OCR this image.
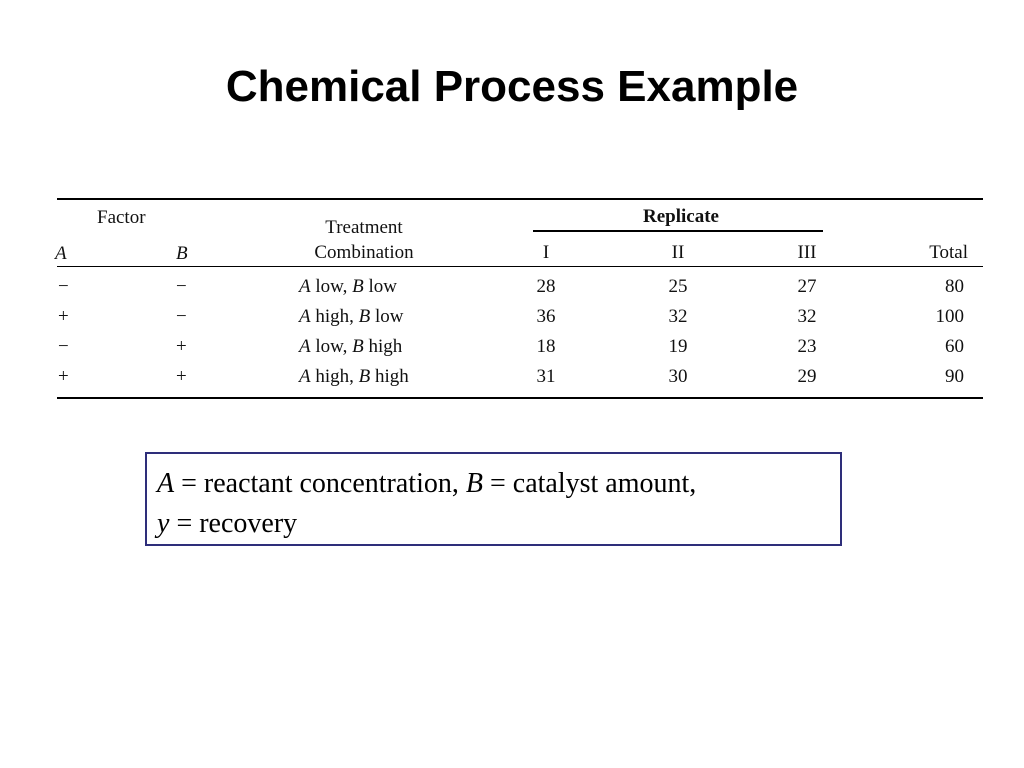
Chemical Process Example
Factor
A	B
Treatment
Combination
Replicate
I	II	III	Total
−	−	A low, B low	28	25	27	80
+	−	A high, B low	36	32	32	100
−	+	A low, B high	18	19	23	60
+	+	A high, B high	31	30	29	90
A = reactant concentration, B = catalyst amount,
y = recovery
